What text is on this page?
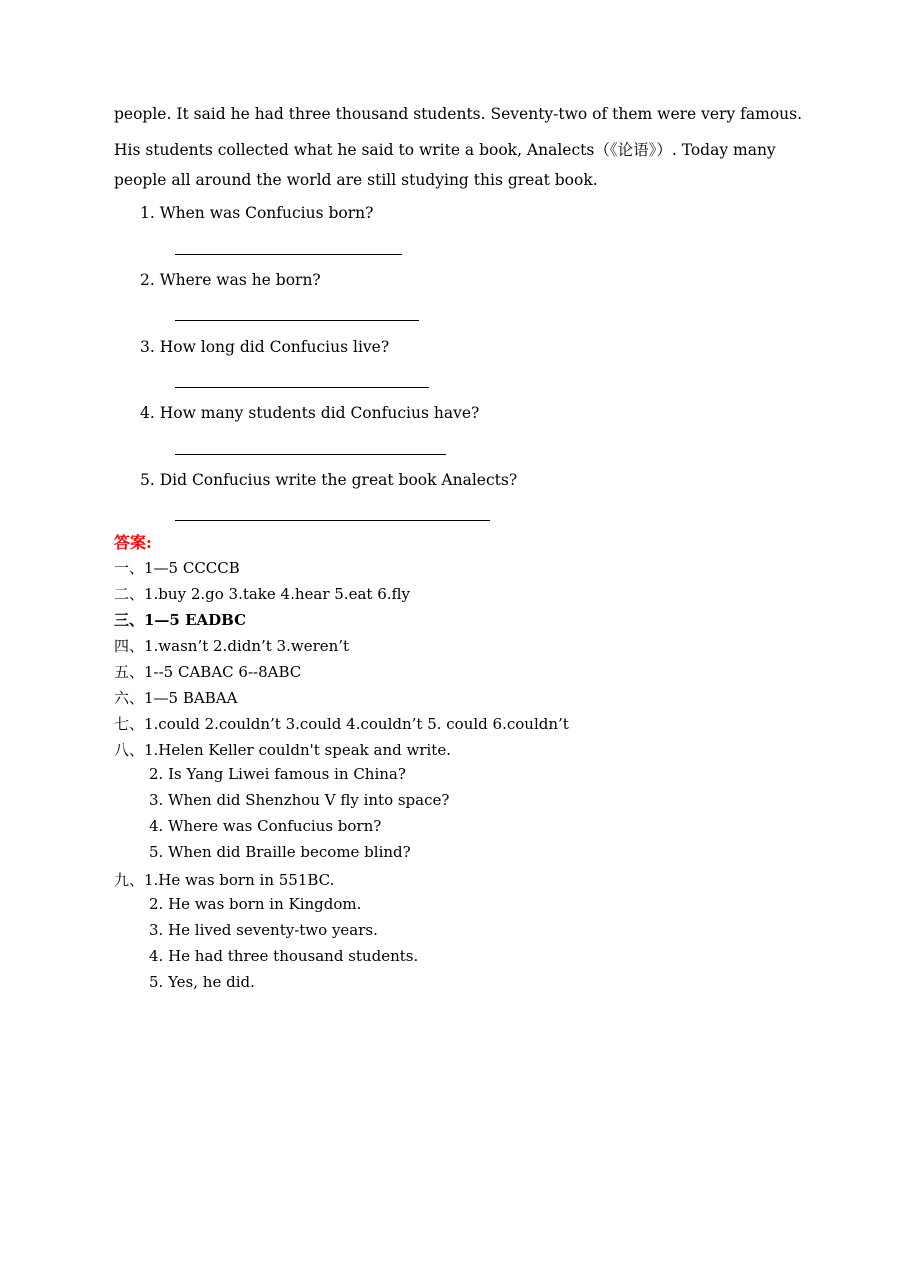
people. It said he had three thousand students. Seventy-two of them were very famous.
His students collected what he said to write a book, Analects（《论语》）. Today many
people all around the world are still studying this great book.
1. When was Confucius born?
2. Where was he born?
3. How long did Confucius live?
4. How many students did Confucius have?
5. Did Confucius write the great book Analects?
答案:
一、1—5 CCCCB
二、1.buy 2.go 3.take 4.hear 5.eat 6.fly
三、1—5 EADBC
四、1.wasn’t 2.didn’t 3.weren’t
五、1--5 CABAC 6--8ABC
六、1—5 BABAA
七、1.could 2.couldn’t 3.could 4.couldn’t 5. could 6.couldn’t
八、1.Helen Keller couldn't speak and write.
2. Is Yang Liwei famous in China?
3. When did Shenzhou V fly into space?
4. Where was Confucius born?
5. When did Braille become blind?
九、1.He was born in 551BC.
2. He was born in Kingdom.
3. He lived seventy-two years.
4. He had three thousand students.
5. Yes, he did.
